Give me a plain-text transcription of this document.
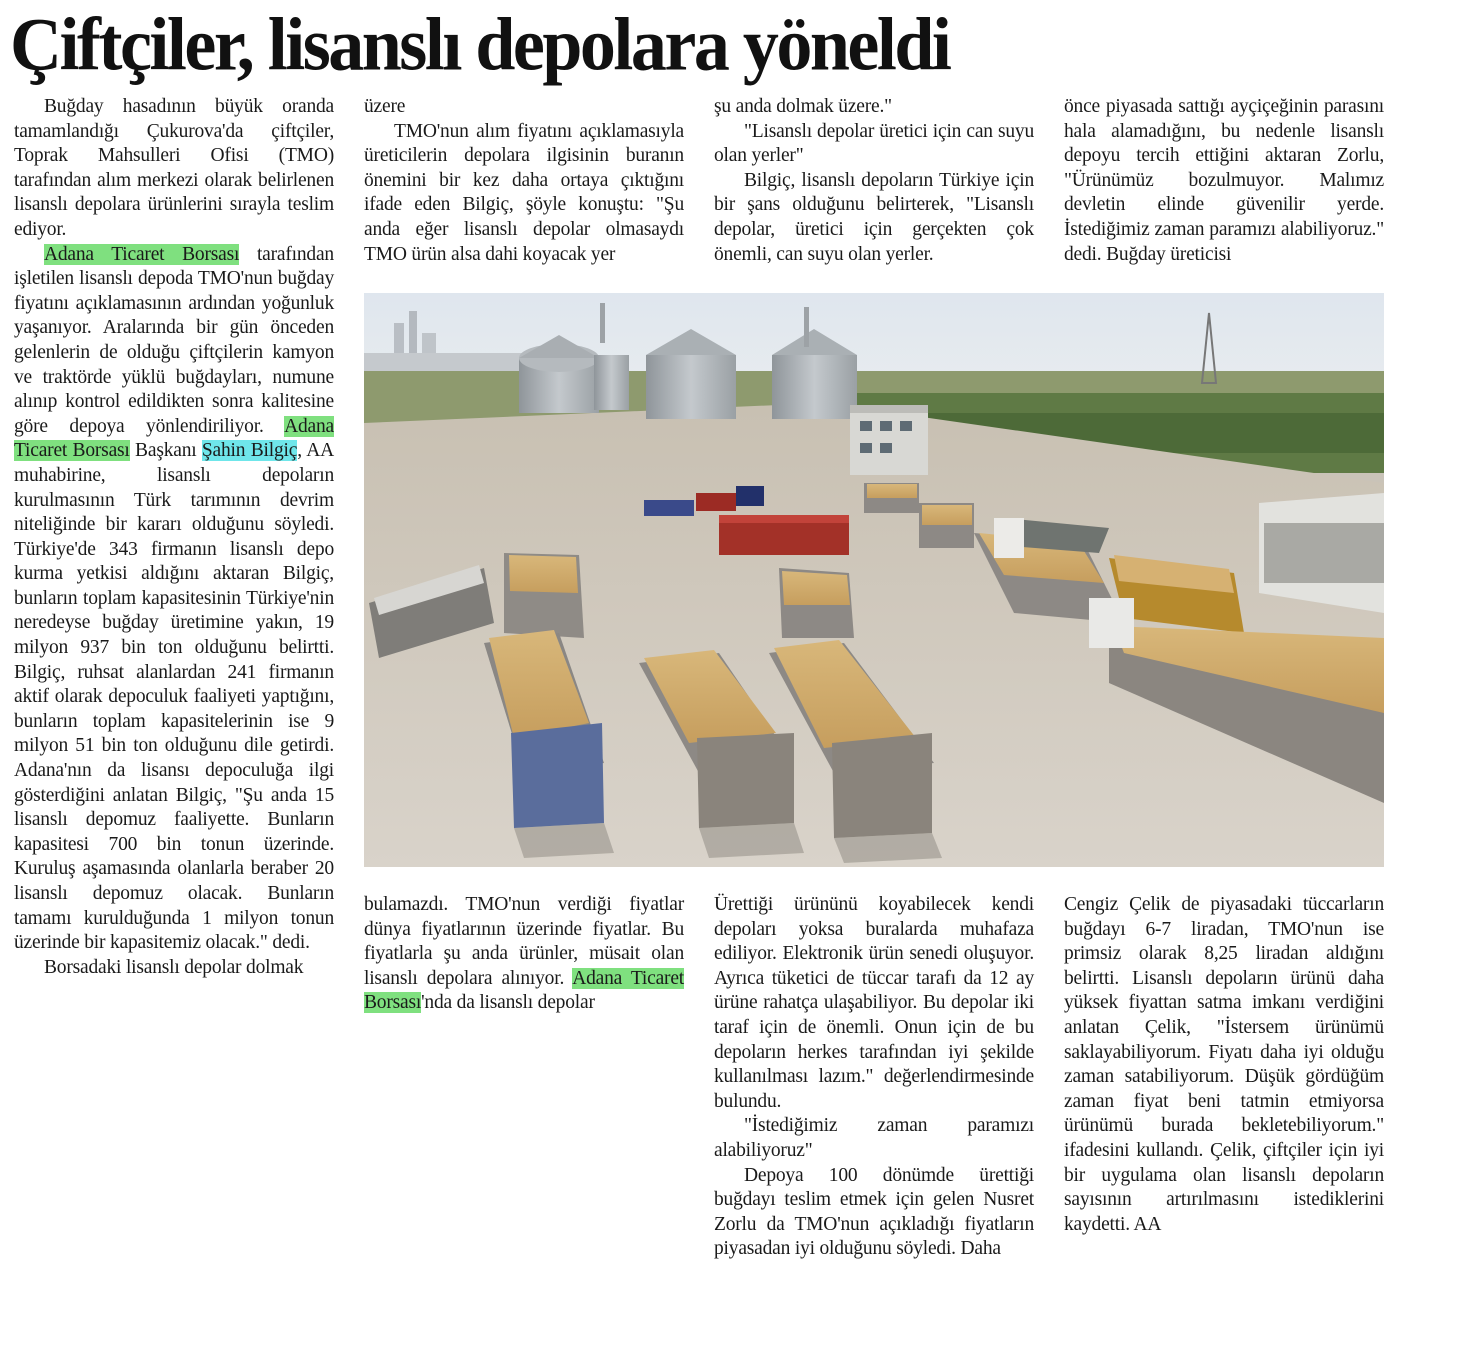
Çiftçiler, lisanslı depolara yöneldi

Buğday hasadının büyük oranda tamamlandığı Çukurova'da çiftçiler, Toprak Mahsulleri Ofisi (TMO) tarafından alım merkezi olarak belirlenen lisanslı depolara ürünlerini sırayla teslim ediyor.

Adana Ticaret Borsası tarafından işletilen lisanslı depoda TMO'nun buğday fiyatını açıklamasının ardından yoğunluk yaşanıyor. Aralarında bir gün önceden gelenlerin de olduğu çiftçilerin kamyon ve traktörde yüklü buğdayları, numune alınıp kontrol edildikten sonra kalitesine göre depoya yönlendiriliyor. Adana Ticaret Borsası Başkanı Şahin Bilgiç, AA muhabirine, lisanslı depoların kurulmasının Türk tarımının devrim niteliğinde bir kararı olduğunu söyledi. Türkiye'de 343 firmanın lisanslı depo kurma yetkisi aldığını aktaran Bilgiç, bunların toplam kapasitesinin Türkiye'nin neredeyse buğday üretimine yakın, 19 milyon 937 bin ton olduğunu belirtti. Bilgiç, ruhsat alanlardan 241 firmanın aktif olarak depoculuk faaliyeti yaptığını, bunların toplam kapasitelerinin ise 9 milyon 51 bin ton olduğunu dile getirdi. Adana'nın da lisansı depoculuğa ilgi gösterdiğini anlatan Bilgiç, "Şu anda 15 lisanslı depomuz faaliyette. Bunların kapasitesi 700 bin tonun üzerinde. Kuruluş aşamasında olanlarla beraber 20 lisanslı depomuz olacak. Bunların tamamı kurulduğunda 1 milyon tonun üzerinde bir kapasitemiz olacak." dedi.

Borsadaki lisanslı depolar dolmak

üzere

TMO'nun alım fiyatını açıklamasıyla üreticilerin depolara ilgisinin buranın önemini bir kez daha ortaya çıktığını ifade eden Bilgiç, şöyle konuştu: "Şu anda eğer lisanslı depolar olmasaydı TMO ürün alsa dahi koyacak yer

şu anda dolmak üzere."

"Lisanslı depolar üretici için can suyu olan yerler"

Bilgiç, lisanslı depoların Türkiye için bir şans olduğunu belirterek, "Lisanslı depolar, üretici için gerçekten çok önemli, can suyu olan yerler.

önce piyasada sattığı ayçiçeğinin parasını hala alamadığını, bu nedenle lisanslı depoyu tercih ettiğini aktaran Zorlu, "Ürünümüz bozulmuyor. Malımız devletin elinde güvenilir yerde. İstediğimiz zaman paramızı alabiliyoruz." dedi. Buğday üreticisi

bulamazdı. TMO'nun verdiği fiyatlar dünya fiyatlarının üzerinde fiyatlar. Bu fiyatlarla şu anda ürünler, müsait olan lisanslı depolara alınıyor. Adana Ticaret Borsası'nda da lisanslı depolar

Ürettiği ürününü koyabilecek kendi depoları yoksa buralarda muhafaza ediliyor. Elektronik ürün senedi oluşuyor. Ayrıca tüketici de tüccar tarafı da 12 ay ürüne rahatça ulaşabiliyor. Bu depolar iki taraf için de önemli. Onun için de bu depoların herkes tarafından iyi şekilde kullanılması lazım." değerlendirmesinde bulundu.

"İstediğimiz zaman paramızı alabiliyoruz"

Depoya 100 dönümde ürettiği buğdayı teslim etmek için gelen Nusret Zorlu da TMO'nun açıkladığı fiyatların piyasadan iyi olduğunu söyledi. Daha

Cengiz Çelik de piyasadaki tüccarların buğdayı 6-7 liradan, TMO'nun ise primsiz olarak 8,25 liradan aldığını belirtti. Lisanslı depoların ürünü daha yüksek fiyattan satma imkanı verdiğini anlatan Çelik, "İstersem ürünümü saklayabiliyorum. Fiyatı daha iyi olduğu zaman satabiliyorum. Düşük gördüğüm zaman fiyat beni tatmin etmiyorsa ürünümü burada bekletebiliyorum." ifadesini kullandı. Çelik, çiftçiler için iyi bir uygulama olan lisanslı depoların sayısının artırılmasını istediklerini kaydetti. AA
